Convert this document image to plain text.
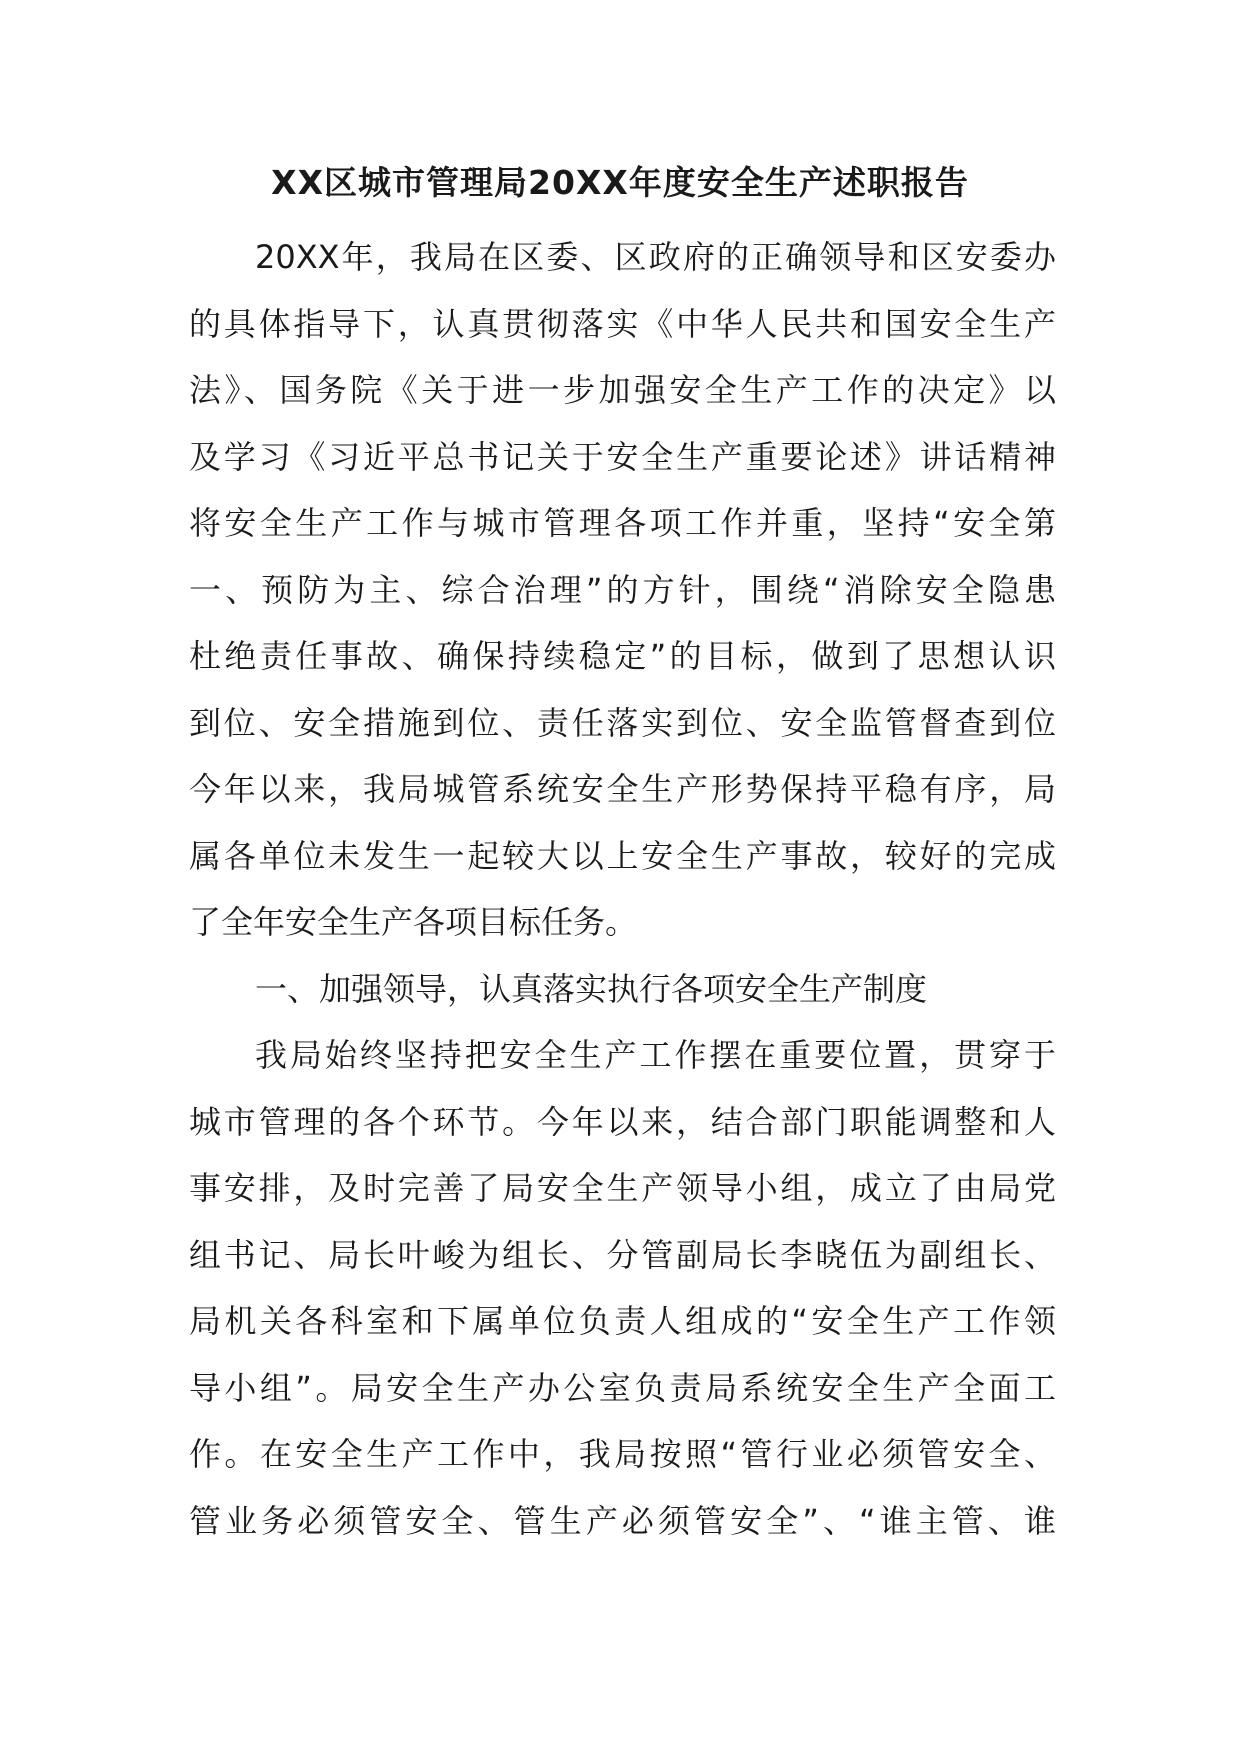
XX区城市管理局20XX年度安全生产述职报告
20XX年，我局在区委、区政府的正确领导和区安委办
的具体指导下，认真贯彻落实《中华人民共和国安全生产
法》、国务院《关于进一步加强安全生产工作的决定》以
及学习《习近平总书记关于安全生产重要论述》讲话精神
将安全生产工作与城市管理各项工作并重，坚持“安全第
一、预防为主、综合治理”的方针，围绕“消除安全隐患
杜绝责任事故、确保持续稳定”的目标，做到了思想认识
到位、安全措施到位、责任落实到位、安全监管督查到位
今年以来，我局城管系统安全生产形势保持平稳有序，局
属各单位未发生一起较大以上安全生产事故，较好的完成
了全年安全生产各项目标任务。
一、加强领导，认真落实执行各项安全生产制度
我局始终坚持把安全生产工作摆在重要位置，贯穿于
城市管理的各个环节。今年以来，结合部门职能调整和人
事安排，及时完善了局安全生产领导小组，成立了由局党
组书记、局长叶峻为组长、分管副局长李晓伍为副组长、
局机关各科室和下属单位负责人组成的“安全生产工作领
导小组”。局安全生产办公室负责局系统安全生产全面工
作。在安全生产工作中，我局按照“管行业必须管安全、
管业务必须管安全、管生产必须管安全”、“谁主管、谁
